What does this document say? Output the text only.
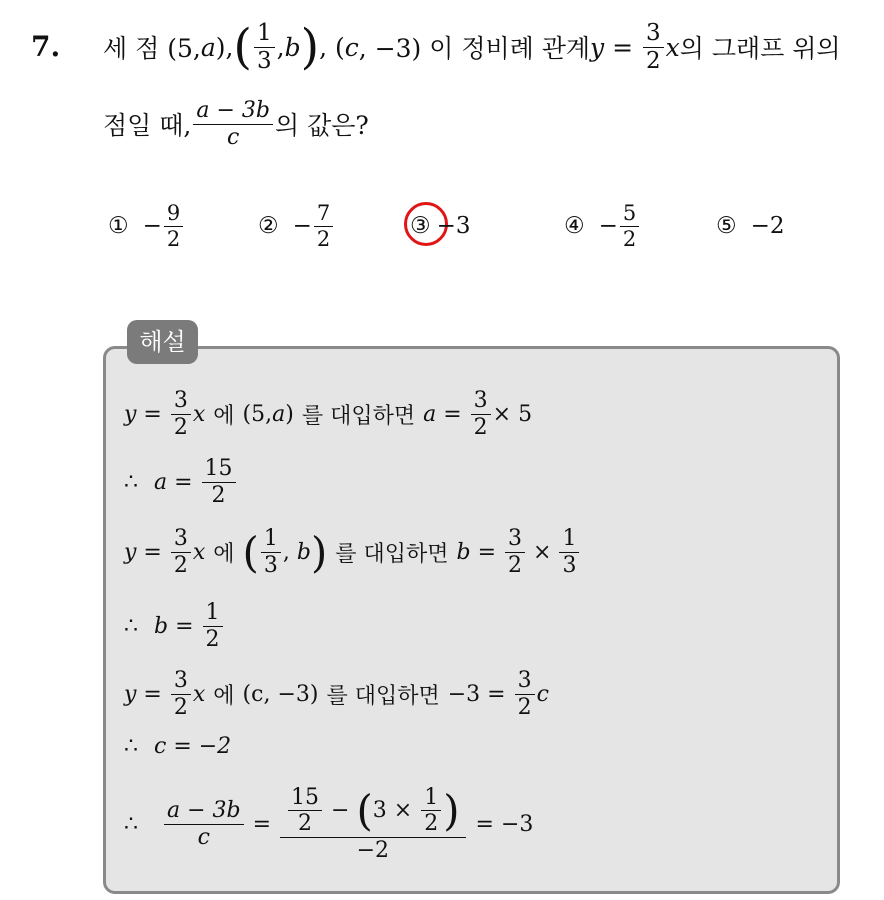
7. 세 점 (5, a ), ( $\frac{1}{3}$ , b ) , ( c , −3) 이 정비례 관계 $y = \frac{3}{2}$ x 의 그래프 위의
점일 때, $\frac{a - 3b}{c}$ 의 값은?
① − $\frac{9}{2}$	② − $\frac{7}{2}$	③ −3	④ − $\frac{5}{2}$	⑤ −2
해설
$y = \frac{3}{2}$ x 에 (5, a ) 를 대입하면 $a = \frac{3}{2} \times 5$
∴ $a = \frac{15}{2}$
$y = \frac{3}{2}$ x 에 ( $\frac{1}{3}$ , b ) 를 대입하면 $b = \frac{3}{2} \times \frac{1}{3}$
∴ $b = \frac{1}{2}$
$y = \frac{3}{2}$ x 에 (c, −3) 를 대입하면 $-3 = \frac{3}{2}$ c
∴ c = −2
∴ $\frac{a - 3b}{c} = \frac{\frac{15}{2} - ( 3 \times \frac{1}{2} )}{-2} = -3$
